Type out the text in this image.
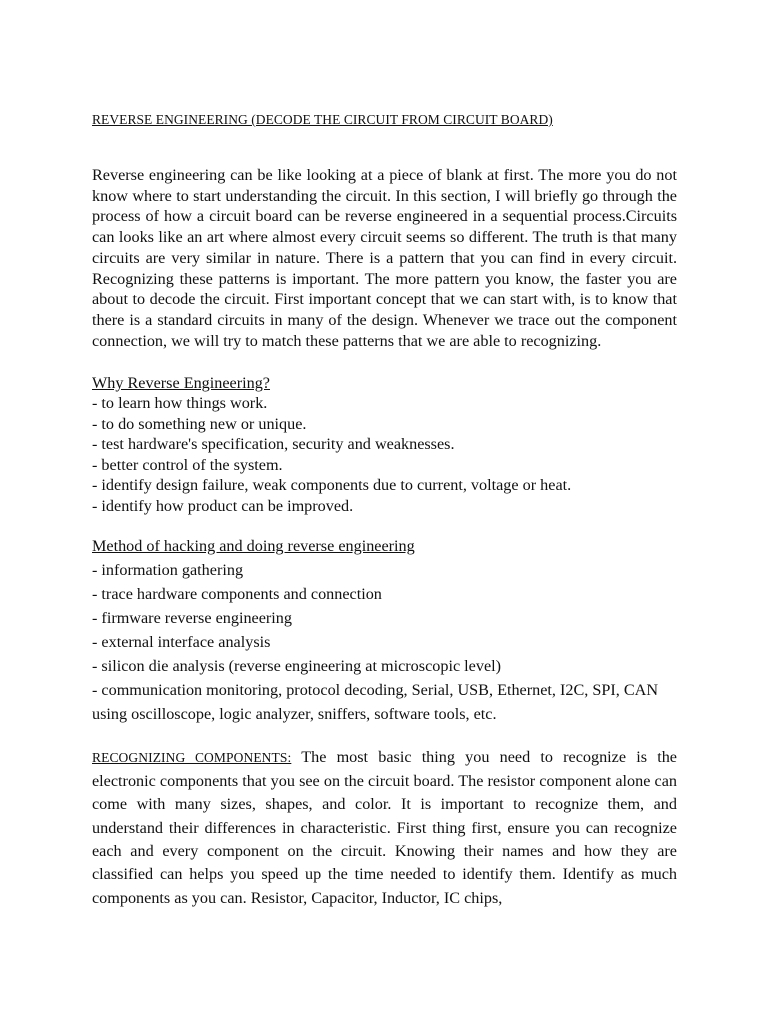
REVERSE ENGINEERING (DECODE THE CIRCUIT FROM CIRCUIT BOARD)

Reverse engineering can be like looking at a piece of blank at first. The more you do not know where to start understanding the circuit. In this section, I will briefly go through the process of how a circuit board can be reverse engineered in a sequential process.Circuits can looks like an art where almost every circuit seems so different. The truth is that many circuits are very similar in nature. There is a pattern that you can find in every circuit. Recognizing these patterns is important. The more pattern you know, the faster you are about to decode the circuit. First important concept that we can start with, is to know that there is a standard circuits in many of the design. Whenever we trace out the component connection, we will try to match these patterns that we are able to recognizing.

Why Reverse Engineering?
- to learn how things work.
- to do something new or unique.
- test hardware's specification, security and weaknesses.
- better control of the system.
- identify design failure, weak components due to current, voltage or heat.
- identify how product can be improved.
Method of hacking and doing reverse engineering
- information gathering
- trace hardware components and connection
- firmware reverse engineering
- external interface analysis
- silicon die analysis (reverse engineering at microscopic level)
- communication monitoring, protocol decoding, Serial, USB, Ethernet, I2C, SPI, CAN using oscilloscope, logic analyzer, sniffers, software tools, etc.

RECOGNIZING COMPONENTS: The most basic thing you need to recognize is the electronic components that you see on the circuit board. The resistor component alone can come with many sizes, shapes, and color. It is important to recognize them, and understand their differences in characteristic. First thing first, ensure you can recognize each and every component on the circuit. Knowing their names and how they are classified can helps you speed up the time needed to identify them. Identify as much components as you can. Resistor, Capacitor, Inductor, IC chips,
